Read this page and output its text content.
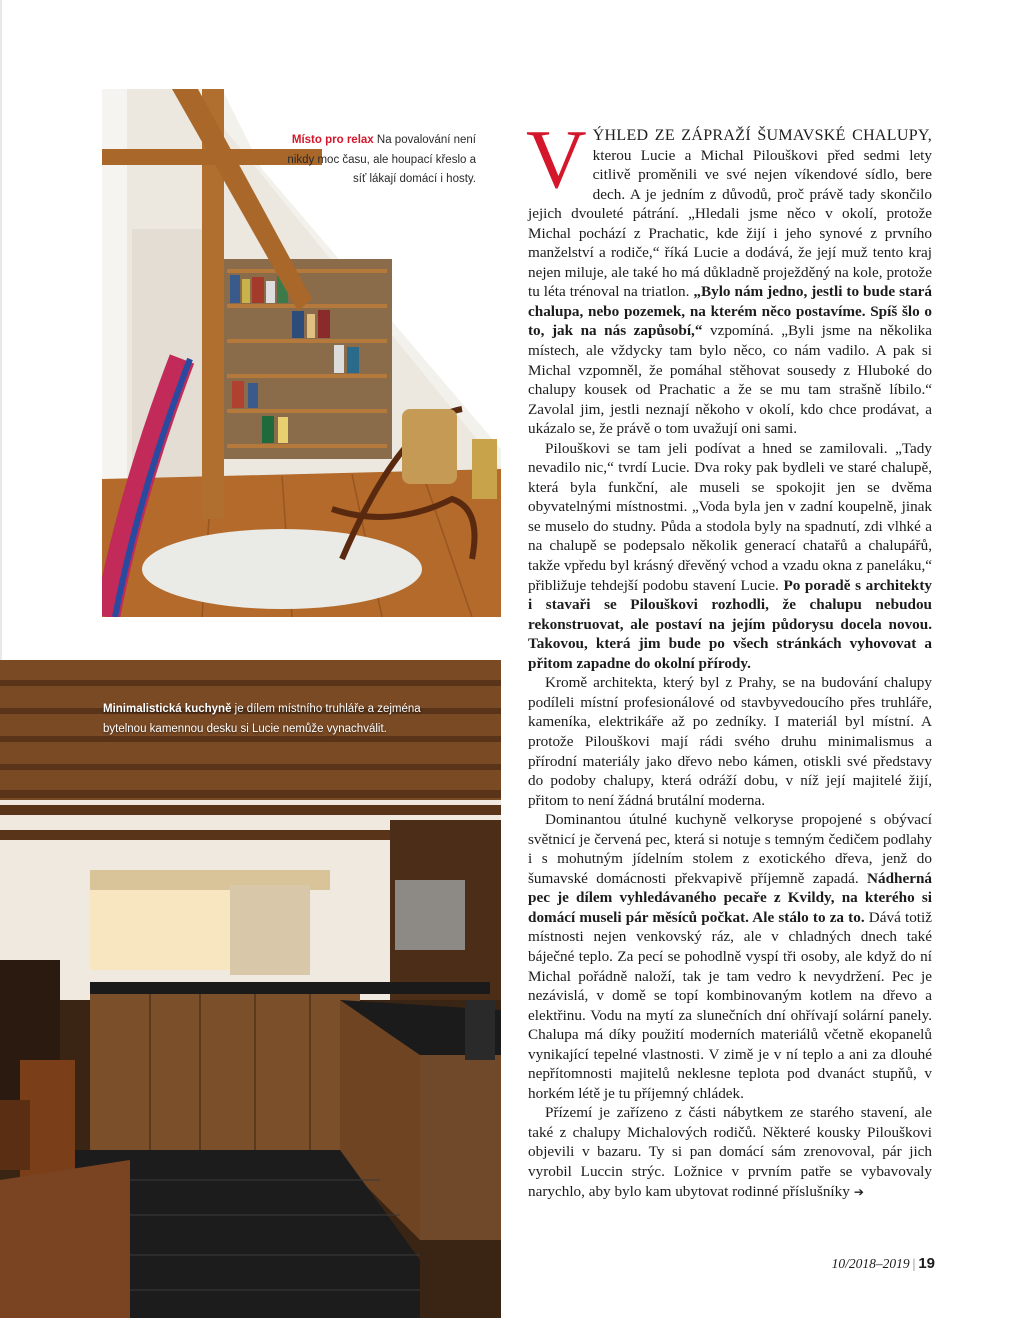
Místo pro relax Na povalování není nikdy moc času, ale houpací křeslo a síť lákají domácí i hosty.
Minimalistická kuchyně je dílem místního truhláře a zejména bytelnou kamennou desku si Lucie nemůže vynachválit.

VÝHLED ZE ZÁPRAŽÍ ŠUMAVSKÉ CHALUPY, kterou Lucie a Michal Pilouškovi před sedmi lety citlivě proměnili ve své nejen víkendové sídlo, bere dech. A je jedním z důvodů, proč právě tady skončilo jejich dvouleté pátrání. „Hledali jsme něco v okolí, protože Michal pochází z Prachatic, kde žijí i jeho synové z prvního manželství a rodiče,“ říká Lucie a dodává, že její muž tento kraj nejen miluje, ale také ho má důkladně proježděný na kole, protože tu léta trénoval na triatlon. „Bylo nám jedno, jestli to bude stará chalupa, nebo pozemek, na kterém něco postavíme. Spíš šlo o to, jak na nás zapůsobí,“ vzpomíná. „Byli jsme na několika místech, ale vždycky tam bylo něco, co nám vadilo. A pak si Michal vzpomněl, že pomáhal stěhovat sousedy z Hluboké do chalupy kousek od Prachatic a že se mu tam strašně líbilo.“ Zavolal jim, jestli neznají někoho v okolí, kdo chce prodávat, a ukázalo se, že právě o tom uvažují oni sami.

Pilouškovi se tam jeli podívat a hned se zamilovali. „Tady nevadilo nic,“ tvrdí Lucie. Dva roky pak bydleli ve staré chalupě, která byla funkční, ale museli se spokojit jen se dvěma obyvatelnými místnostmi. „Voda byla jen v zadní koupelně, jinak se muselo do studny. Půda a stodola byly na spadnutí, zdi vlhké a na chalupě se podepsalo několik generací chatařů a chalupářů, takže vpředu byl krásný dřevěný vchod a vzadu okna z paneláku,“ přibližuje tehdejší podobu stavení Lucie. Po poradě s architekty i stavaři se Pilouškovi rozhodli, že chalupu nebudou rekonstruovat, ale postaví na jejím půdorysu docela novou. Takovou, která jim bude po všech stránkách vyhovovat a přitom zapadne do okolní přírody.

Kromě architekta, který byl z Prahy, se na budování chalupy podíleli místní profesionálové od stavbyvedoucího přes truhláře, kameníka, elektrikáře až po zedníky. I materiál byl místní. A protože Pilouškovi mají rádi svého druhu minimalismus a přírodní materiály jako dřevo nebo kámen, otiskli své představy do podoby chalupy, která odráží dobu, v níž její majitelé žijí, přitom to není žádná brutální moderna.

Dominantou útulné kuchyně velkoryse propojené s obývací světnicí je červená pec, která si notuje s temným čedičem podlahy i s mohutným jídelním stolem z exotického dřeva, jenž do šumavské domácnosti překvapivě příjemně zapadá. Nádherná pec je dílem vyhledávaného pecaře z Kvildy, na kterého si domácí museli pár měsíců počkat. Ale stálo to za to. Dává totiž místnosti nejen venkovský ráz, ale v chladných dnech také báječné teplo. Za pecí se pohodlně vyspí tři osoby, ale když do ní Michal pořádně naloží, tak je tam vedro k nevydržení. Pec je nezávislá, v domě se topí kombinovaným kotlem na dřevo a elektřinu. Vodu na mytí za slunečních dní ohřívají solární panely. Chalupa má díky použití moderních materiálů včetně ekopanelů vynikající tepelné vlastnosti. V zimě je v ní teplo a ani za dlouhé nepřítomnosti majitelů neklesne teplota pod dvanáct stupňů, v horkém létě je tu příjemný chládek.

Přízemí je zařízeno z části nábytkem ze starého stavení, ale také z chalupy Michalových rodičů. Některé kousky Pilouškovi objevili v bazaru. Ty si pan domácí sám zrenovoval, pár jich vyrobil Luccin strýc. Ložnice v prvním patře se vybavovaly narychlo, aby bylo kam ubytovat rodinné příslušníky ➔

10/2018–2019 | 19
